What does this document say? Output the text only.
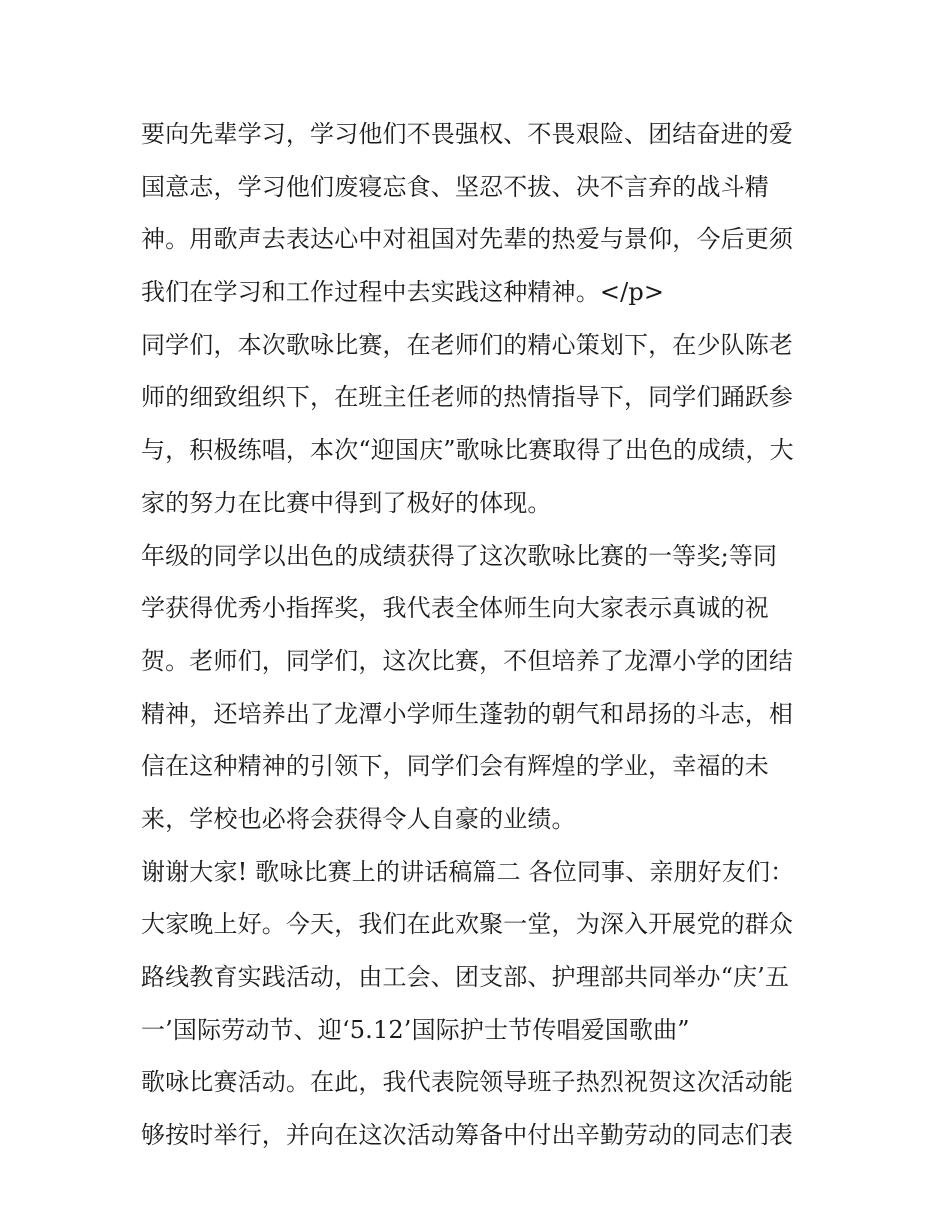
要向先辈学习，学习他们不畏强权、不畏艰险、团结奋进的爱
国意志，学习他们废寝忘食、坚忍不拔、决不言弃的战斗精
神。用歌声去表达心中对祖国对先辈的热爱与景仰，今后更须
我们在学习和工作过程中去实践这种精神。</p>
同学们，本次歌咏比赛，在老师们的精心策划下，在少队陈老
师的细致组织下，在班主任老师的热情指导下，同学们踊跃参
与，积极练唱，本次“迎国庆”歌咏比赛取得了出色的成绩，大
家的努力在比赛中得到了极好的体现。
年级的同学以出色的成绩获得了这次歌咏比赛的一等奖;等同
学获得优秀小指挥奖，我代表全体师生向大家表示真诚的祝
贺。老师们，同学们，这次比赛，不但培养了龙潭小学的团结
精神，还培养出了龙潭小学师生蓬勃的朝气和昂扬的斗志，相
信在这种精神的引领下，同学们会有辉煌的学业，幸福的未
来，学校也必将会获得令人自豪的业绩。
谢谢大家! 歌咏比赛上的讲话稿篇二 各位同事、亲朋好友们：
大家晚上好。今天，我们在此欢聚一堂，为深入开展党的群众
路线教育实践活动，由工会、团支部、护理部共同举办“庆’五
一’国际劳动节、迎‘5.12’国际护士节传唱爱国歌曲”
歌咏比赛活动。在此，我代表院领导班子热烈祝贺这次活动能
够按时举行，并向在这次活动筹备中付出辛勤劳动的同志们表
